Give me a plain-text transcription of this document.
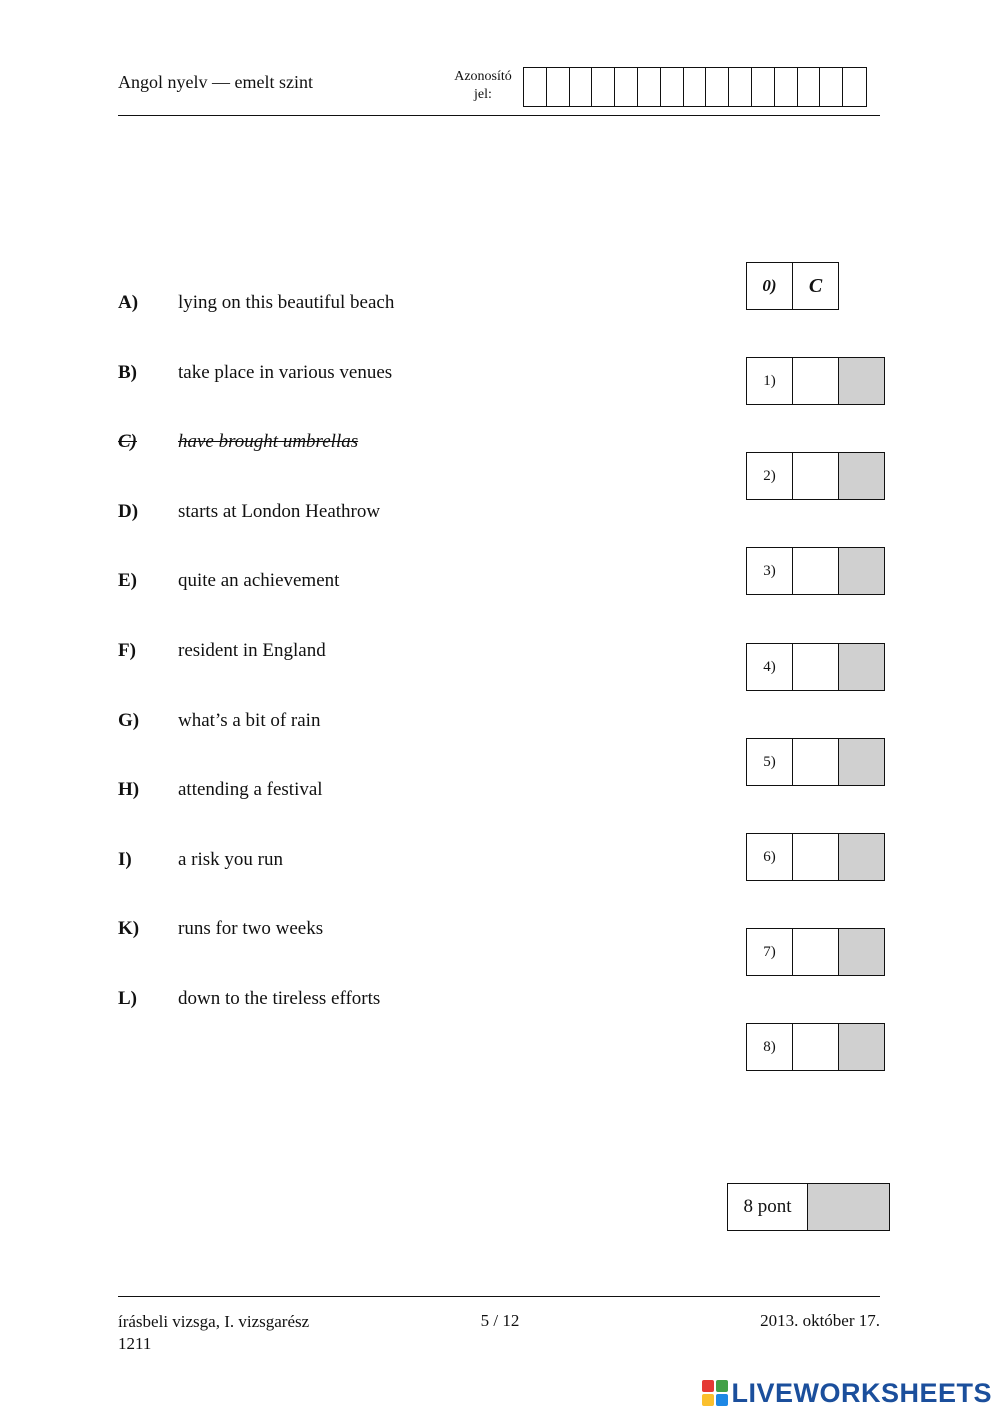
Angol nyelv — emelt szint	Azonosító
jel:
A)	lying on this beautiful beach
B)	take place in various venues
C)	have brought umbrellas
D)	starts at London Heathrow
E)	quite an achievement
F)	resident in England
G)	what’s a bit of rain
H)	attending a festival
I)	a risk you run
K)	runs for two weeks
L)	down to the tireless efforts
0)	C
1)
2)
3)
4)
5)
6)
7)
8)
8 pont
írásbeli vizsga, I. vizsgarész
1211
5 / 12	2013. október 17.
LIVEWORKSHEETS
